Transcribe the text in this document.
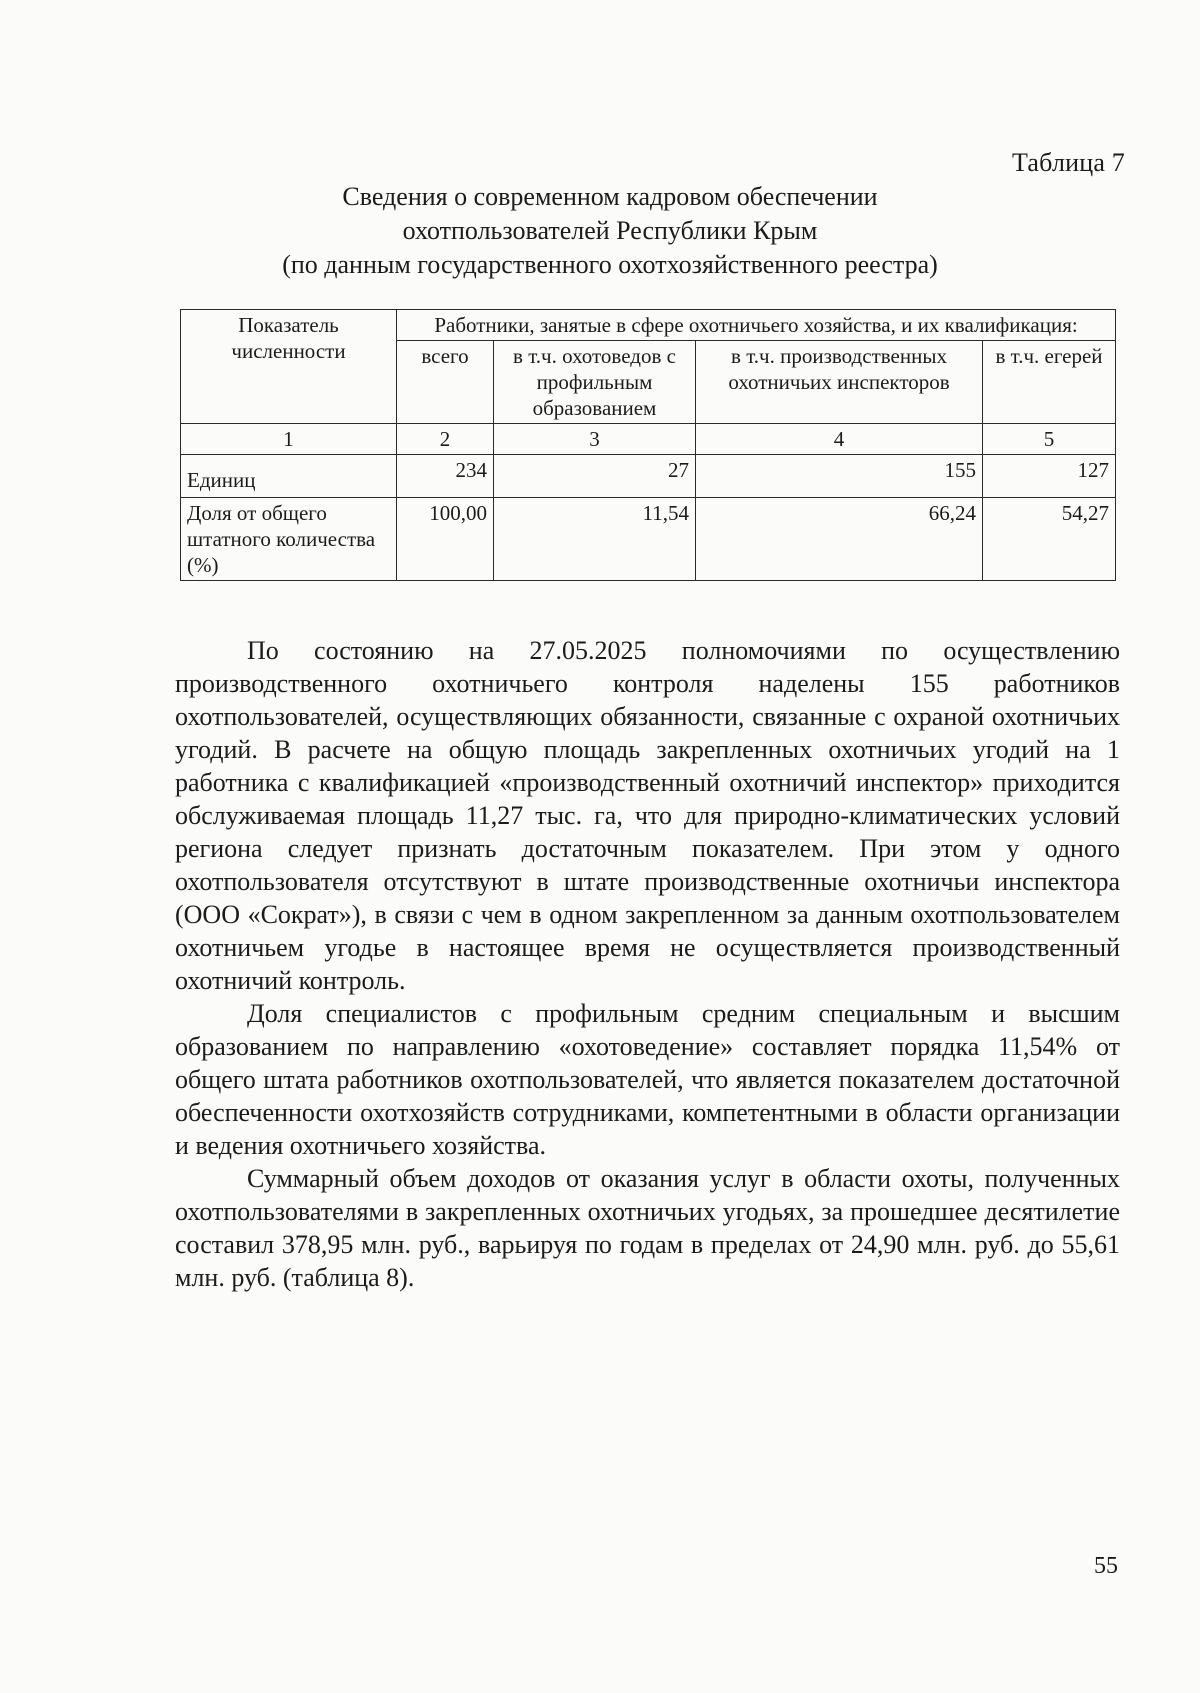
Таблица 7
Сведения о современном кадровом обеспечении
охотпользователей Республики Крым
(по данным государственного охотхозяйственного реестра)
Показатель численности	Работники, занятые в сфере охотничьего хозяйства, и их квалификация:			
	всего	в т.ч. охотоведов с профильным образованием	в т.ч. производственных охотничьих инспекторов	в т.ч. егерей
1	2	3	4	5
Единиц	234	27	155	127
Доля от общего штатного количества (%)	100,00	11,54	66,24	54,27

По состоянию на 27.05.2025 полномочиями по осуществлению производственного охотничьего контроля наделены 155 работников охотпользователей, осуществляющих обязанности, связанные с охраной охотничьих угодий. В расчете на общую площадь закрепленных охотничьих угодий на 1 работника с квалификацией «производственный охотничий инспектор» приходится обслуживаемая площадь 11,27 тыс. га, что для природно-климатических условий региона следует признать достаточным показателем. При этом у одного охотпользователя отсутствуют в штате производственные охотничьи инспектора (ООО «Сократ»), в связи с чем в одном закрепленном за данным охотпользователем охотничьем угодье в настоящее время не осуществляется производственный охотничий контроль.

Доля специалистов с профильным средним специальным и высшим образованием по направлению «охотоведение» составляет порядка 11,54% от общего штата работников охотпользователей, что является показателем достаточной обеспеченности охотхозяйств сотрудниками, компетентными в области организации и ведения охотничьего хозяйства.

Суммарный объем доходов от оказания услуг в области охоты, полученных охотпользователями в закрепленных охотничьих угодьях, за прошедшее десятилетие составил 378,95 млн. руб., варьируя по годам в пределах от 24,90 млн. руб. до 55,61 млн. руб. (таблица 8).

55
